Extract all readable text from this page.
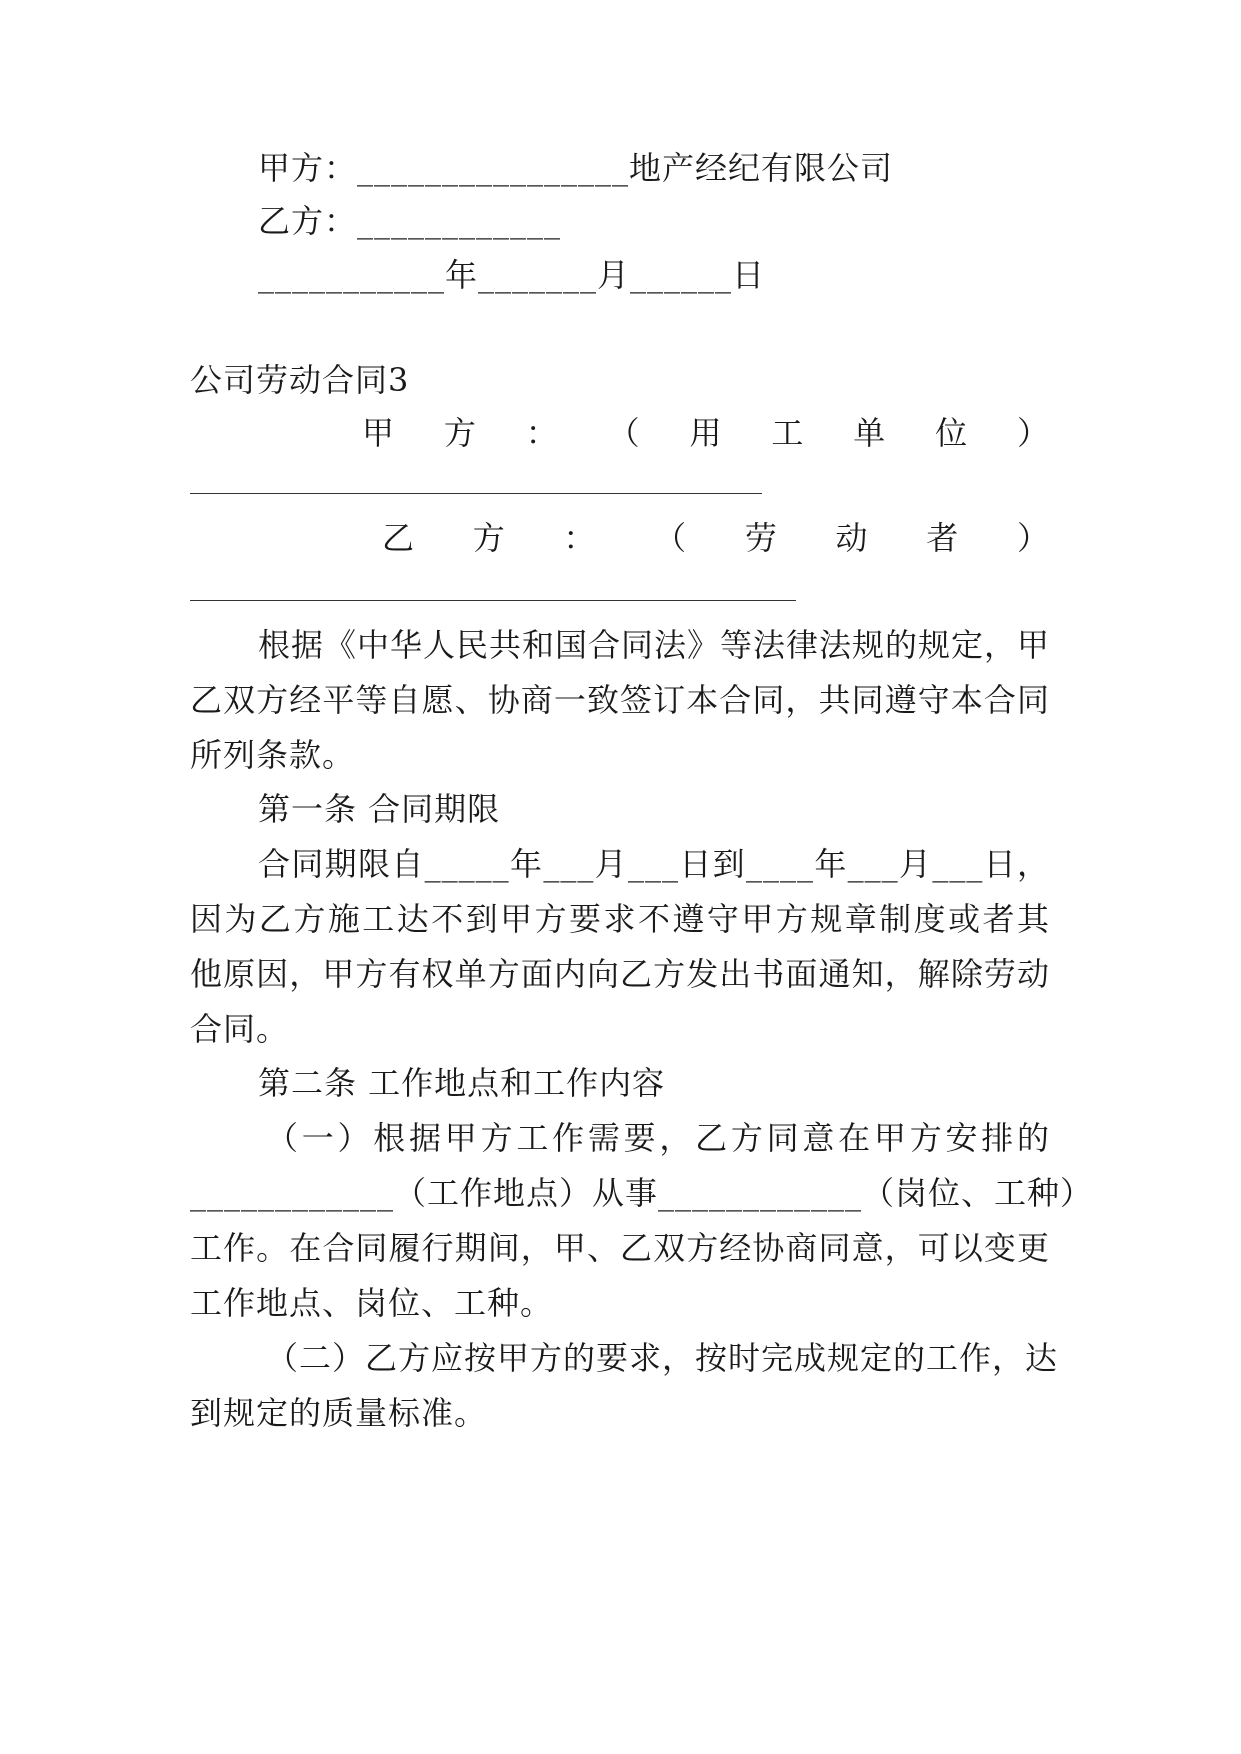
甲方：________________地产经纪有限公司
乙方：____________
___________年_______月______日
公司劳动合同3
甲 方 ： （ 用 工 单 位 ）
乙 方 ： （ 劳 动 者 ）
根据《中华人民共和国合同法》等法律法规的规定，甲
乙双方经平等自愿、协商一致签订本合同，共同遵守本合同
所列条款。
第一条 合同期限
合同期限自_____年___月___日到____年___月___日，
因为乙方施工达不到甲方要求不遵守甲方规章制度或者其
他原因，甲方有权单方面内向乙方发出书面通知，解除劳动
合同。
第二条 工作地点和工作内容
（一）根据甲方工作需要，乙方同意在甲方安排的
____________（工作地点）从事____________（岗位、工种）
工作。在合同履行期间，甲、乙双方经协商同意，可以变更
工作地点、岗位、工种。
（二）乙方应按甲方的要求，按时完成规定的工作，达
到规定的质量标准。
